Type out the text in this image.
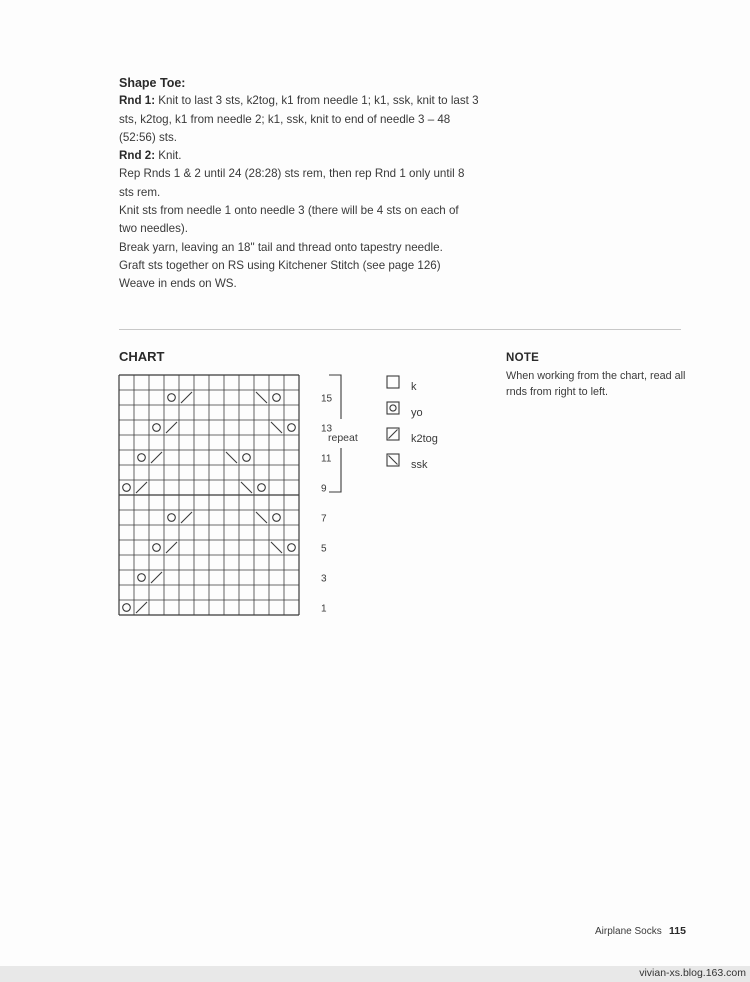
Shape Toe:
Rnd 1: Knit to last 3 sts, k2tog, k1 from needle 1; k1, ssk, knit to last 3 sts, k2tog, k1 from needle 2; k1, ssk, knit to end of needle 3 – 48 (52:56) sts.
Rnd 2: Knit.
Rep Rnds 1 & 2 until 24 (28:28) sts rem, then rep Rnd 1 only until 8 sts rem.
Knit sts from needle 1 onto needle 3 (there will be 4 sts on each of two needles).
Break yarn, leaving an 18" tail and thread onto tapestry needle.
Graft sts together on RS using Kitchener Stitch (see page 126)
Weave in ends on WS.
CHART
15
13
11
9
7
5
3
1
repeat
k
yo
k2tog
ssk
NOTE
When working from the chart, read all rnds from right to left.
Airplane Socks 115
vivian-xs.blog.163.com
